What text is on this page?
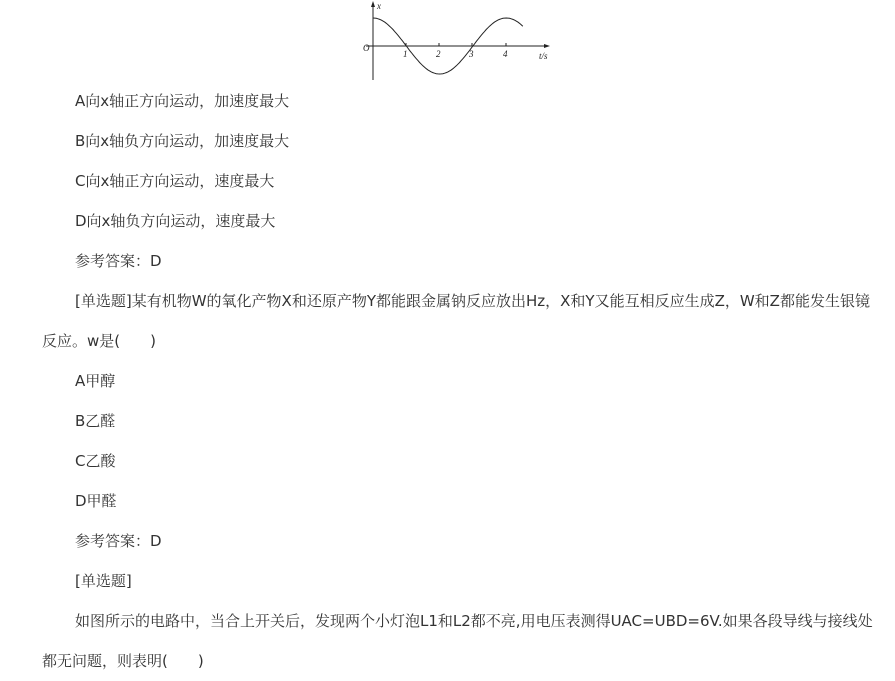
x
O
1	2	3	4	t/s

A向x轴正方向运动，加速度最大

B向x轴负方向运动，加速度最大

C向x轴正方向运动，速度最大

D向x轴负方向运动，速度最大

参考答案：D

[单选题]某有机物W的氧化产物X和还原产物Y都能跟金属钠反应放出Hz，X和Y又能互相反应生成Z，W和Z都能发生银镜反应。w是(　　)

A甲醇

B乙醛

C乙酸

D甲醛

参考答案：D

[单选题]

如图所示的电路中，当合上开关后，发现两个小灯泡L1和L2都不亮,用电压表测得UAC=UBD=6V.如果各段导线与接线处都无问题，则表明(　　)
